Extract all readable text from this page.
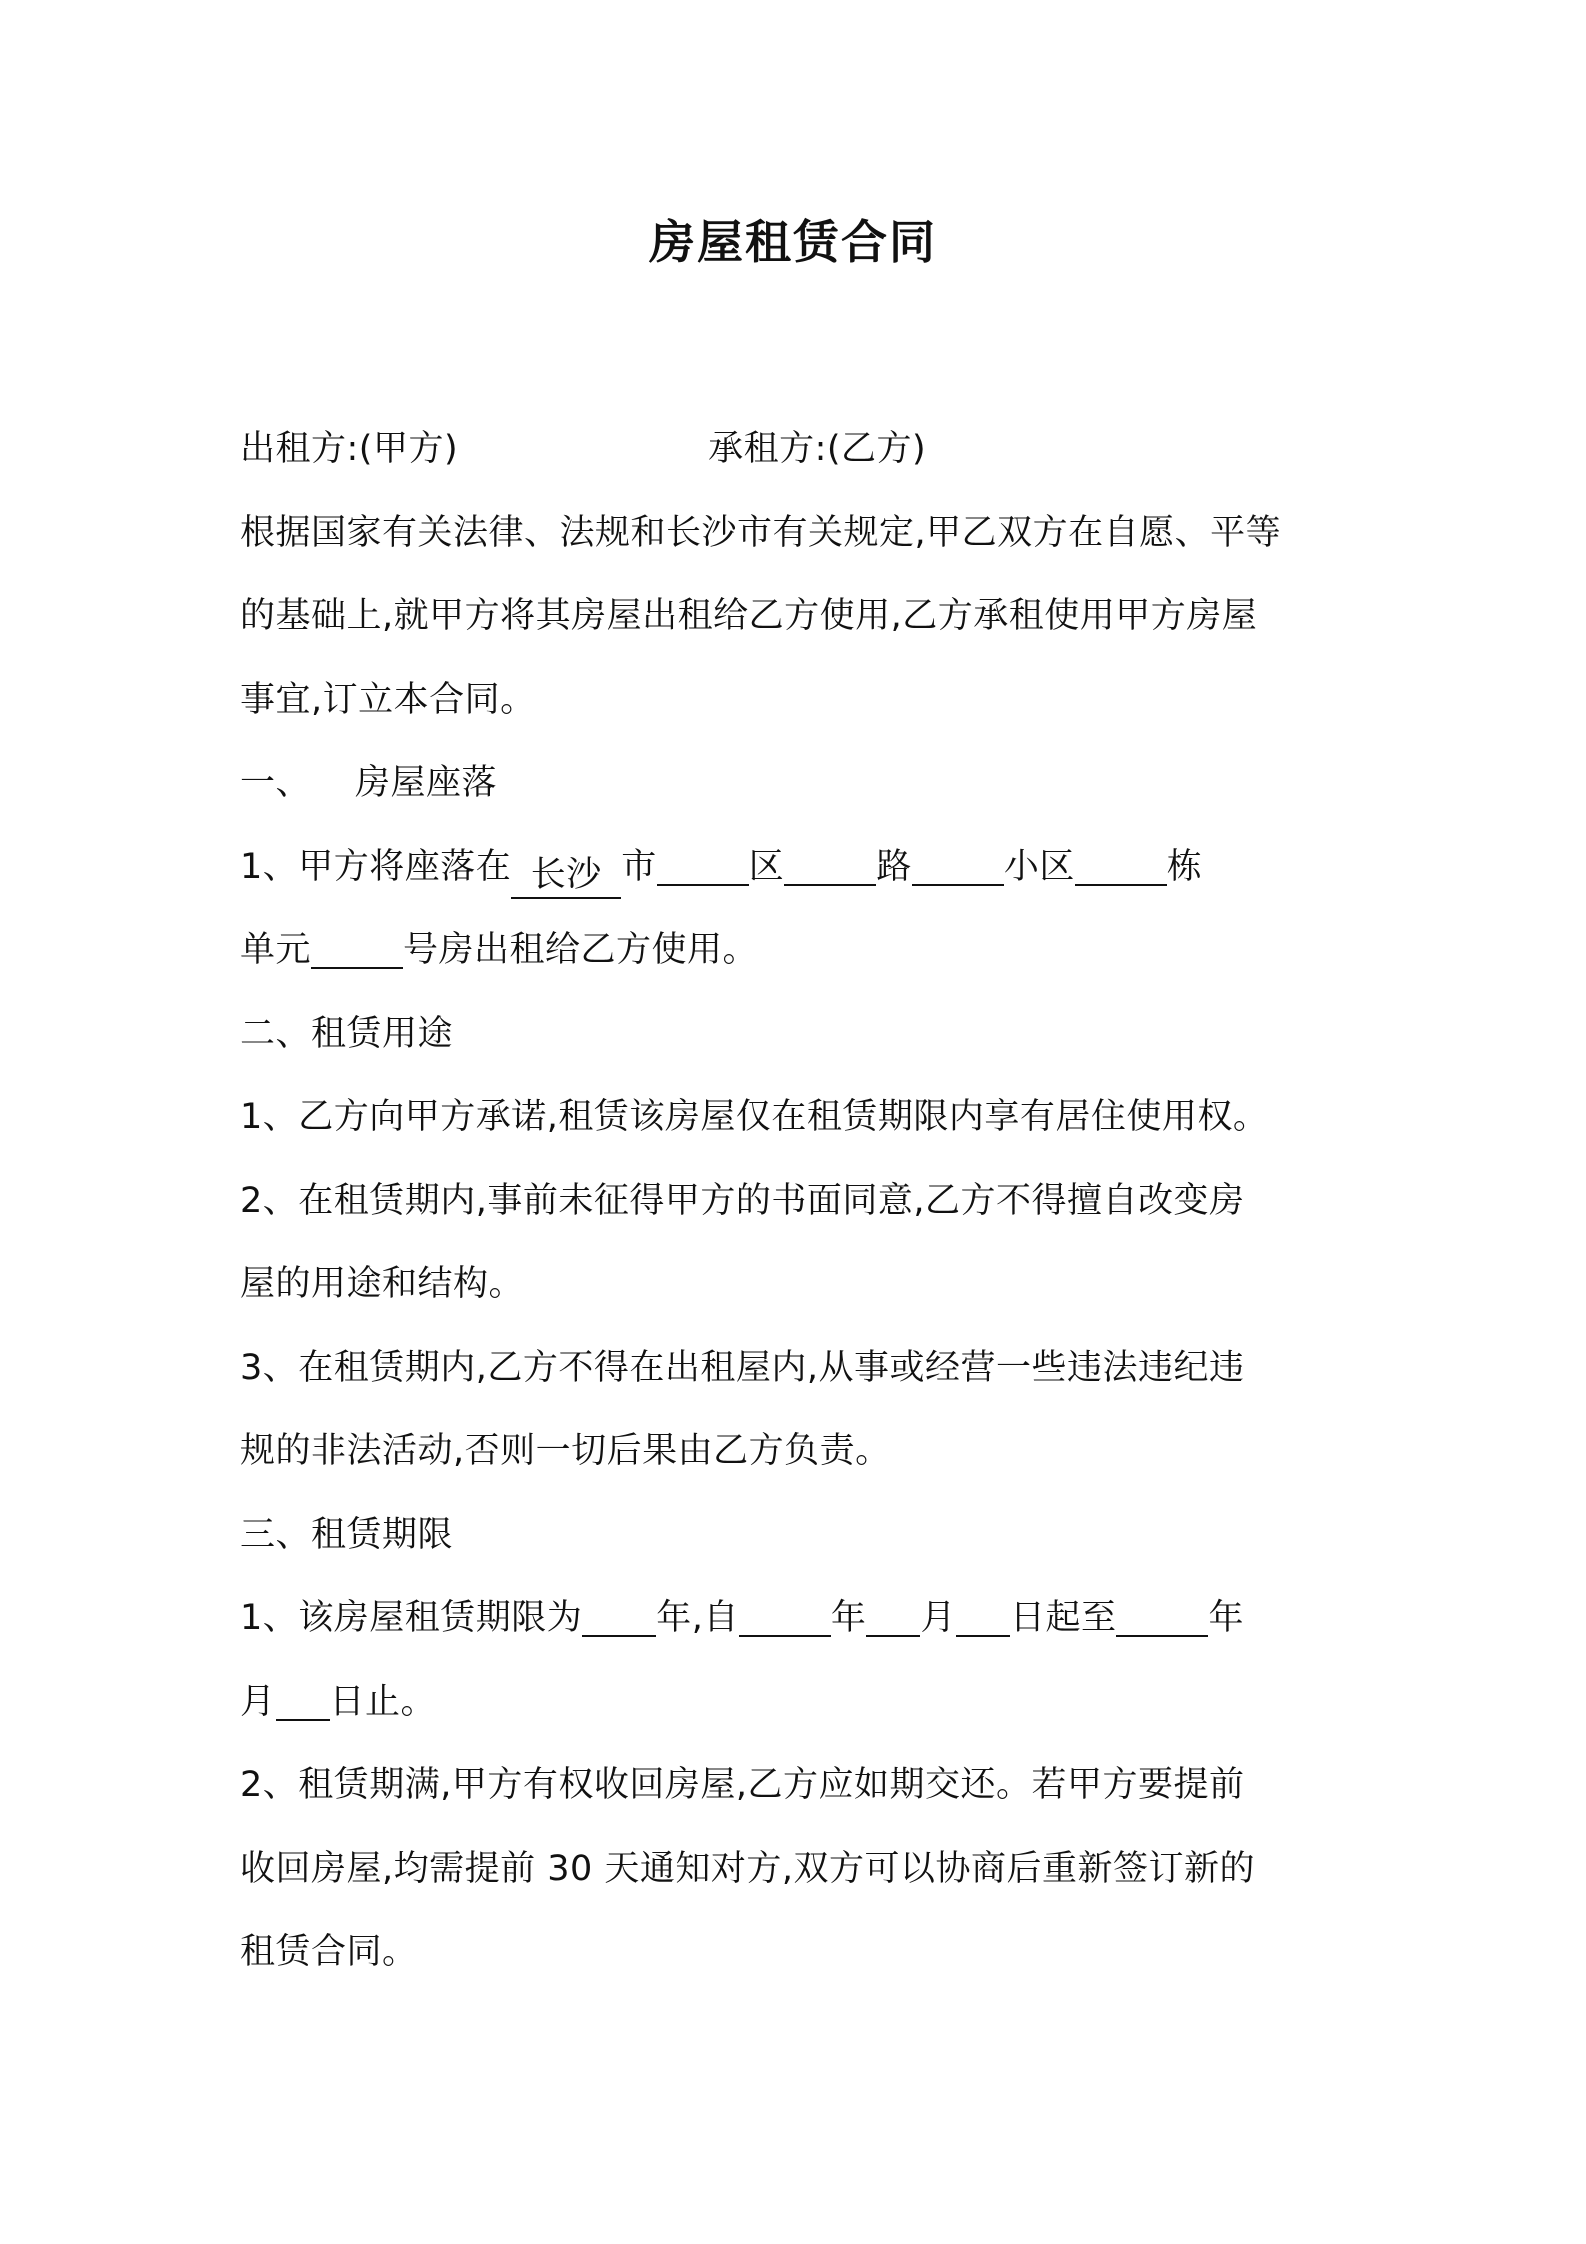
房屋租赁合同
出租方:(甲方)	承租方:(乙方)
根据国家有关法律、法规和长沙市有关规定,甲乙双方在自愿、平等
的基础上,就甲方将其房屋出租给乙方使用,乙方承租使用甲方房屋
事宜,订立本合同。
一、 房屋座落
1、甲方将座落在 长沙 市	区	路	小区	栋
单元	号房出租给乙方使用。
二、租赁用途
1、乙方向甲方承诺,租赁该房屋仅在租赁期限内享有居住使用权。
2、在租赁期内,事前未征得甲方的书面同意,乙方不得擅自改变房
屋的用途和结构。
3、在租赁期内,乙方不得在出租屋内,从事或经营一些违法违纪违
规的非法活动,否则一切后果由乙方负责。
三、租赁期限
1、该房屋租赁期限为 年,自	年 月 日起至	年
月 日止。
2、租赁期满,甲方有权收回房屋,乙方应如期交还。若甲方要提前
收回房屋,均需提前 30 天通知对方,双方可以协商后重新签订新的
租赁合同。
